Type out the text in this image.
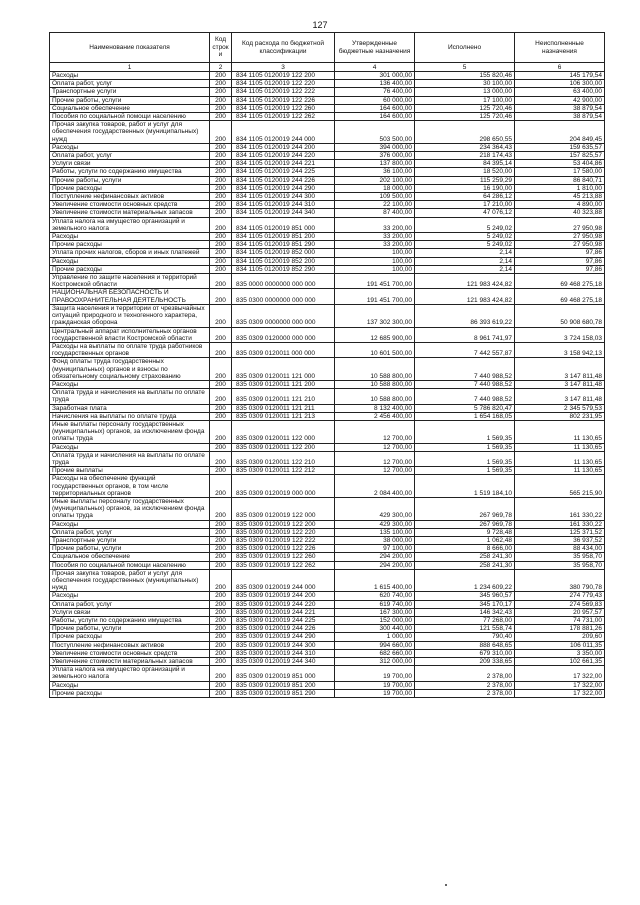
127
Наименование показателя	Код строк и	Код расхода по бюджетной классификации	Утвержденные бюджетные назначения	Исполнено	Неисполненные назначения
1	2	3	4	5	6
Расходы	200	834 1105 0120019 122 200	301 000,00	155 820,46	145 179,54
Оплата работ, услуг	200	834 1105 0120019 122 220	136 400,00	30 100,00	106 300,00
Транспортные услуги	200	834 1105 0120019 122 222	76 400,00	13 000,00	63 400,00
Прочие работы, услуги	200	834 1105 0120019 122 226	60 000,00	17 100,00	42 900,00
Социальное обеспечение	200	834 1105 0120019 122 260	164 600,00	125 720,46	38 879,54
Пособия по социальной помощи населению	200	834 1105 0120019 122 262	164 600,00	125 720,46	38 879,54
Прочая закупка товаров, работ и услуг для обеспечения государственных (муниципальных) нужд	200	834 1105 0120019 244 000	503 500,00	298 650,55	204 849,45
Расходы	200	834 1105 0120019 244 200	394 000,00	234 364,43	159 635,57
Оплата работ, услуг	200	834 1105 0120019 244 220	376 000,00	218 174,43	157 825,57
Услуги связи	200	834 1105 0120019 244 221	137 800,00	84 395,14	53 404,86
Работы, услуги по содержанию имущества	200	834 1105 0120019 244 225	36 100,00	18 520,00	17 580,00
Прочие работы, услуги	200	834 1105 0120019 244 226	202 100,00	115 259,29	86 840,71
Прочие расходы	200	834 1105 0120019 244 290	18 000,00	16 190,00	1 810,00
Поступление нефинансовых активов	200	834 1105 0120019 244 300	109 500,00	64 286,12	45 213,88
Увеличение стоимости основных средств	200	834 1105 0120019 244 310	22 100,00	17 210,00	4 890,00
Увеличение стоимости материальных запасов	200	834 1105 0120019 244 340	87 400,00	47 076,12	40 323,88
Уплата налога на имущество организаций и земельного налога	200	834 1105 0120019 851 000	33 200,00	5 249,02	27 950,98
Расходы	200	834 1105 0120019 851 200	33 200,00	5 249,02	27 950,98
Прочие расходы	200	834 1105 0120019 851 290	33 200,00	5 249,02	27 950,98
Уплата прочих налогов, сборов и иных платежей	200	834 1105 0120019 852 000	100,00	2,14	97,86
Расходы	200	834 1105 0120019 852 200	100,00	2,14	97,86
Прочие расходы	200	834 1105 0120019 852 290	100,00	2,14	97,86
Управление по защите населения и территорий Костромской области	200	835 0000 0000000 000 000	191 451 700,00	121 983 424,82	69 468 275,18
НАЦИОНАЛЬНАЯ БЕЗОПАСНОСТЬ И ПРАВООХРАНИТЕЛЬНАЯ ДЕЯТЕЛЬНОСТЬ	200	835 0300 0000000 000 000	191 451 700,00	121 983 424,82	69 468 275,18
Защита населения и территории от чрезвычайных ситуаций природного и техногенного характера, гражданская оборона	200	835 0309 0000000 000 000	137 302 300,00	86 393 619,22	50 908 680,78
Центральный аппарат исполнительных органов государственной власти Костромской области	200	835 0309 0120000 000 000	12 685 900,00	8 961 741,97	3 724 158,03
Расходы на выплаты по оплате труда работников государственных органов	200	835 0309 0120011 000 000	10 601 500,00	7 442 557,87	3 158 942,13
Фонд оплаты труда государственных (муниципальных) органов и взносы по обязательному социальному страхованию	200	835 0309 0120011 121 000	10 588 800,00	7 440 988,52	3 147 811,48
Расходы	200	835 0309 0120011 121 200	10 588 800,00	7 440 988,52	3 147 811,48
Оплата труда и начисления на выплаты по оплате труда	200	835 0309 0120011 121 210	10 588 800,00	7 440 988,52	3 147 811,48
Заработная плата	200	835 0309 0120011 121 211	8 132 400,00	5 786 820,47	2 345 579,53
Начисления на выплаты по оплате труда	200	835 0309 0120011 121 213	2 456 400,00	1 654 168,05	802 231,95
Иные выплаты персоналу государственных (муниципальных) органов, за исключением фонда оплаты труда	200	835 0309 0120011 122 000	12 700,00	1 569,35	11 130,65
Расходы	200	835 0309 0120011 122 200	12 700,00	1 569,35	11 130,65
Оплата труда и начисления на выплаты по оплате труда	200	835 0309 0120011 122 210	12 700,00	1 569,35	11 130,65
Прочие выплаты	200	835 0309 0120011 122 212	12 700,00	1 569,35	11 130,65
Расходы на обеспечение функций государственных органов, в том числе территориальных органов	200	835 0309 0120019 000 000	2 084 400,00	1 519 184,10	565 215,90
Иные выплаты персоналу государственных (муниципальных) органов, за исключением фонда оплаты труда	200	835 0309 0120019 122 000	429 300,00	267 969,78	161 330,22
Расходы	200	835 0309 0120019 122 200	429 300,00	267 969,78	161 330,22
Оплата работ, услуг	200	835 0309 0120019 122 220	135 100,00	9 728,48	125 371,52
Транспортные услуги	200	835 0309 0120019 122 222	38 000,00	1 062,48	36 937,52
Прочие работы, услуги	200	835 0309 0120019 122 226	97 100,00	8 666,00	88 434,00
Социальное обеспечение	200	835 0309 0120019 122 260	294 200,00	258 241,30	35 958,70
Пособия по социальной помощи населению	200	835 0309 0120019 122 262	294 200,00	258 241,30	35 958,70
Прочая закупка товаров, работ и услуг для обеспечения государственных (муниципальных) нужд	200	835 0309 0120019 244 000	1 615 400,00	1 234 609,22	380 790,78
Расходы	200	835 0309 0120019 244 200	620 740,00	345 960,57	274 779,43
Оплата работ, услуг	200	835 0309 0120019 244 220	619 740,00	345 170,17	274 569,83
Услуги связи	200	835 0309 0120019 244 221	167 300,00	146 342,43	20 957,57
Работы, услуги по содержанию имущества	200	835 0309 0120019 244 225	152 000,00	77 268,00	74 731,00
Прочие работы, услуги	200	835 0309 0120019 244 226	300 440,00	121 558,74	178 881,26
Прочие расходы	200	835 0309 0120019 244 290	1 000,00	790,40	209,60
Поступление нефинансовых активов	200	835 0309 0120019 244 300	994 660,00	888 648,65	106 011,35
Увеличение стоимости основных средств	200	835 0309 0120019 244 310	682 660,00	679 310,00	3 350,00
Увеличение стоимости материальных запасов	200	835 0309 0120019 244 340	312 000,00	209 338,65	102 661,35
Уплата налога на имущество организаций и земельного налога	200	835 0309 0120019 851 000	19 700,00	2 378,00	17 322,00
Расходы	200	835 0309 0120019 851 200	19 700,00	2 378,00	17 322,00
Прочие расходы	200	835 0309 0120019 851 290	19 700,00	2 378,00	17 322,00
